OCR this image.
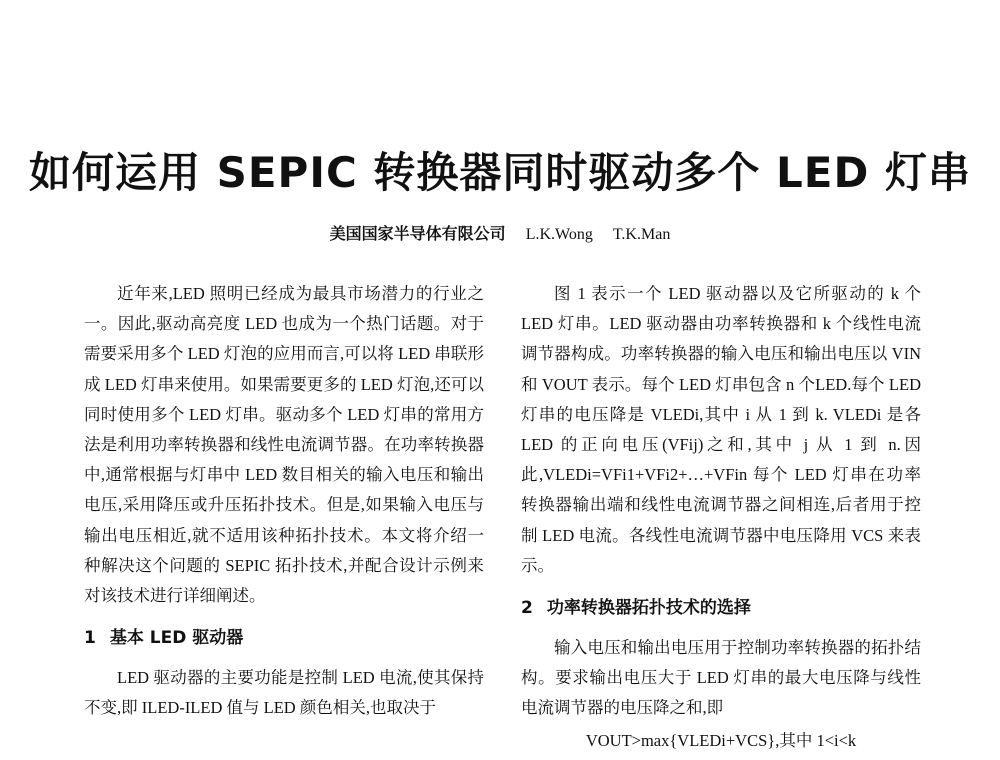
如何运用 SEPIC 转换器同时驱动多个 LED 灯串
美国国家半导体有限公司 L.K.Wong T.K.Man

近年来,LED 照明已经成为最具市场潜力的行业之一。因此,驱动高亮度 LED 也成为一个热门话题。对于需要采用多个 LED 灯泡的应用而言,可以将 LED 串联形成 LED 灯串来使用。如果需要更多的 LED 灯泡,还可以同时使用多个 LED 灯串。驱动多个 LED 灯串的常用方法是利用功率转换器和线性电流调节器。在功率转换器中,通常根据与灯串中 LED 数目相关的输入电压和输出电压,采用降压或升压拓扑技术。但是,如果输入电压与输出电压相近,就不适用该种拓扑技术。本文将介绍一种解决这个问题的 SEPIC 拓扑技术,并配合设计示例来对该技术进行详细阐述。

1 基本 LED 驱动器

LED 驱动器的主要功能是控制 LED 电流,使其保持不变,即 ILED-ILED 值与 LED 颜色相关,也取决于

图 1 表示一个 LED 驱动器以及它所驱动的 k 个 LED 灯串。LED 驱动器由功率转换器和 k 个线性电流调节器构成。功率转换器的输入电压和输出电压以 VIN 和 VOUT 表示。每个 LED 灯串包含 n 个LED.每个 LED 灯串的电压降是 VLEDi,其中 i 从 1 到 k. VLEDi 是各 LED 的正向电压(VFij)之和,其中 j 从 1 到 n.因此,VLEDi=VFi1+VFi2+…+VFin 每个 LED 灯串在功率转换器输出端和线性电流调节器之间相连,后者用于控制 LED 电流。各线性电流调节器中电压降用 VCS 来表示。

2 功率转换器拓扑技术的选择

输入电压和输出电压用于控制功率转换器的拓扑结构。要求输出电压大于 LED 灯串的最大电压降与线性电流调节器的电压降之和,即

VOUT>max{VLEDi+VCS},其中 1<i<k
